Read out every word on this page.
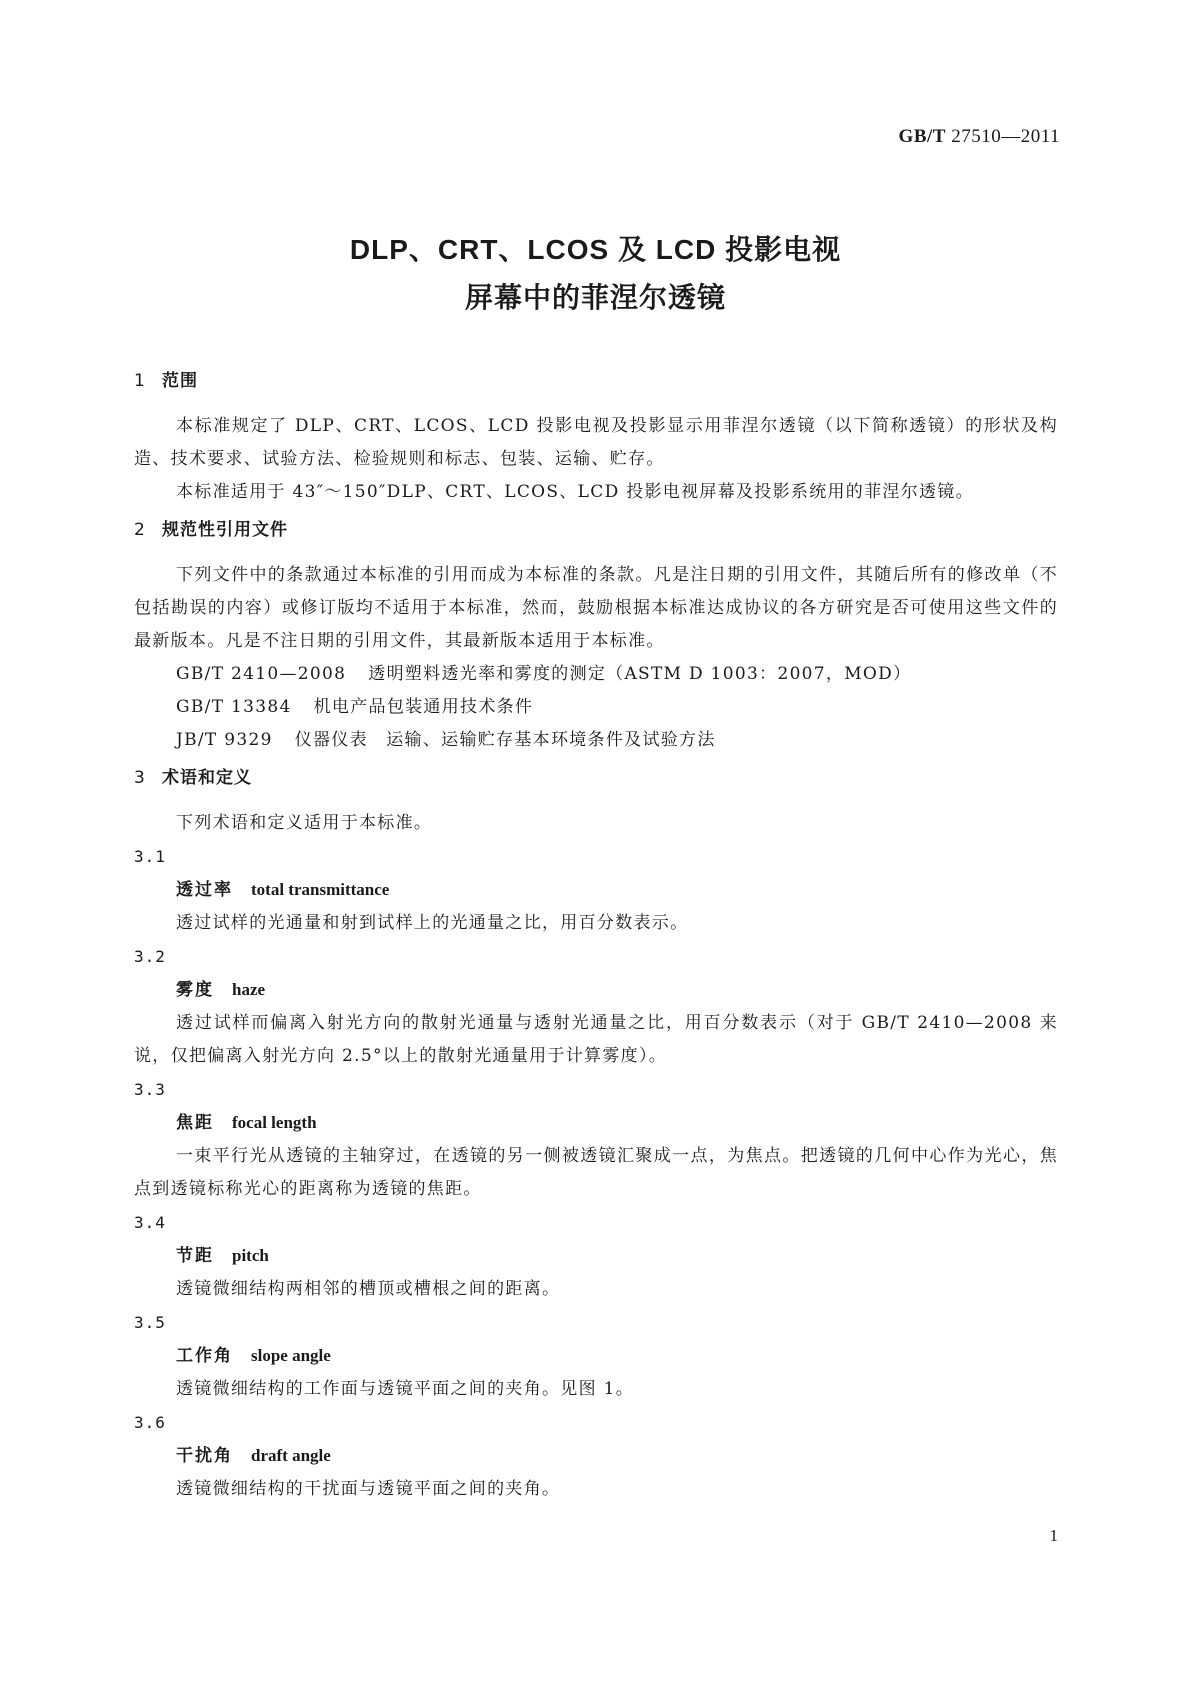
GB/T 27510—2011
DLP、CRT、LCOS 及 LCD 投影电视
屏幕中的菲涅尔透镜
1 范围
本标准规定了 DLP、CRT、LCOS、LCD 投影电视及投影显示用菲涅尔透镜（以下简称透镜）的形状及构造、技术要求、试验方法、检验规则和标志、包装、运输、贮存。
本标准适用于 43″～150″DLP、CRT、LCOS、LCD 投影电视屏幕及投影系统用的菲涅尔透镜。
2 规范性引用文件
下列文件中的条款通过本标准的引用而成为本标准的条款。凡是注日期的引用文件，其随后所有的修改单（不包括勘误的内容）或修订版均不适用于本标准，然而，鼓励根据本标准达成协议的各方研究是否可使用这些文件的最新版本。凡是不注日期的引用文件，其最新版本适用于本标准。
GB/T 2410—2008 透明塑料透光率和雾度的测定（ASTM D 1003：2007，MOD）
GB/T 13384 机电产品包装通用技术条件
JB/T 9329 仪器仪表　运输、运输贮存基本环境条件及试验方法
3 术语和定义
下列术语和定义适用于本标准。
3.1
透过率 total transmittance
透过试样的光通量和射到试样上的光通量之比，用百分数表示。
3.2
雾度 haze
透过试样而偏离入射光方向的散射光通量与透射光通量之比，用百分数表示（对于 GB/T 2410—2008 来说，仅把偏离入射光方向 2.5°以上的散射光通量用于计算雾度）。
3.3
焦距 focal length
一束平行光从透镜的主轴穿过，在透镜的另一侧被透镜汇聚成一点，为焦点。把透镜的几何中心作为光心，焦点到透镜标称光心的距离称为透镜的焦距。
3.4
节距 pitch
透镜微细结构两相邻的槽顶或槽根之间的距离。
3.5
工作角 slope angle
透镜微细结构的工作面与透镜平面之间的夹角。见图 1。
3.6
干扰角 draft angle
透镜微细结构的干扰面与透镜平面之间的夹角。
1
